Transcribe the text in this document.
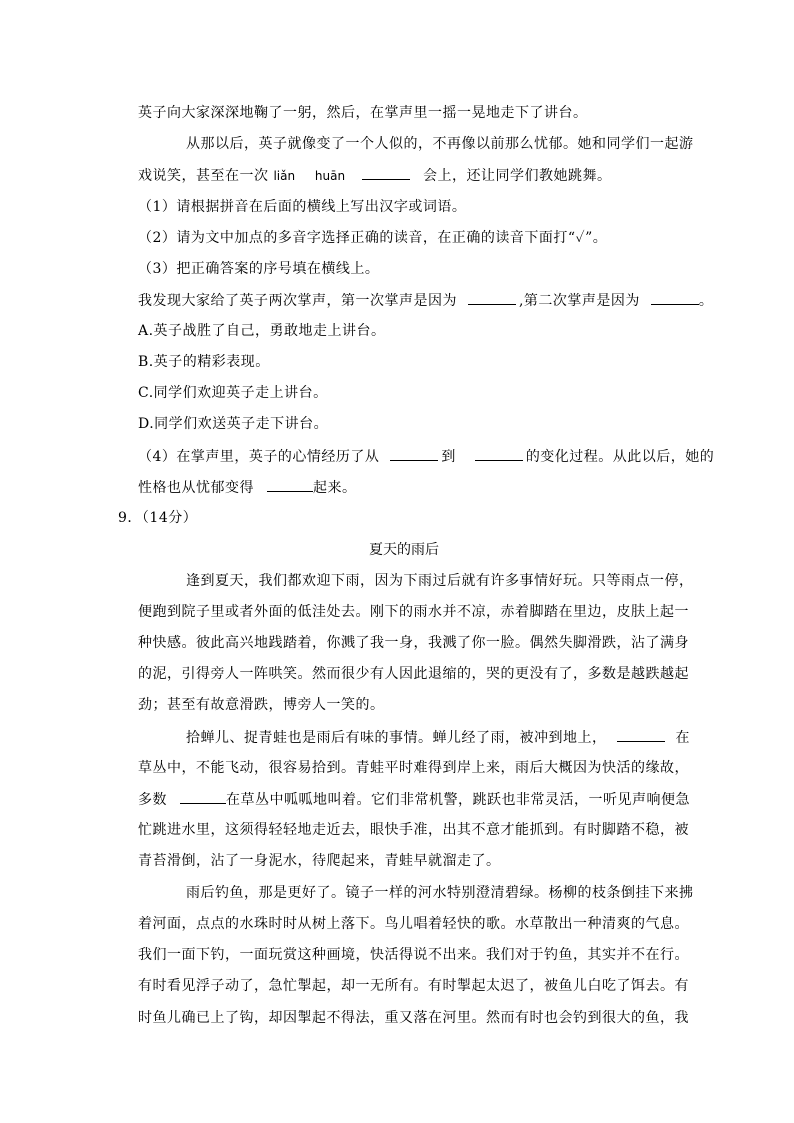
英子向大家深深地鞠了一躬，然后，在掌声里一摇一晃地走下了讲台。
从那以后，英子就像变了一个人似的，不再像以前那么忧郁。她和同学们一起游
戏说笑，甚至在一次 liǎn huān	会上，还让同学们教她跳舞。
（1）请根据拼音在后面的横线上写出汉字或词语。
（2）请为文中加点的多音字选择正确的读音，在正确的读音下面打“✓”。
（3）把正确答案的序号填在横线上。
我发现大家给了英子两次掌声，第一次掌声是因为	,第二次掌声是因为	。
A.英子战胜了自己，勇敢地走上讲台。
B.英子的精彩表现。
C.同学们欢迎英子走上讲台。
D.同学们欢送英子走下讲台。
（4）在掌声里，英子的心情经历了从	到	的变化过程。从此以后，她的
性格也从忧郁变得	起来。
9．（14分）
夏天的雨后
逢到夏天，我们都欢迎下雨，因为下雨过后就有许多事情好玩。只等雨点一停，
便跑到院子里或者外面的低洼处去。刚下的雨水并不凉，赤着脚踏在里边，皮肤上起一
种快感。彼此高兴地践踏着，你溅了我一身，我溅了你一脸。偶然失脚滑跌，沾了满身
的泥，引得旁人一阵哄笑。然而很少有人因此退缩的，哭的更没有了，多数是越跌越起
劲；甚至有故意滑跌，博旁人一笑的。
拾蝉儿、捉青蛙也是雨后有味的事情。蝉儿经了雨，被冲到地上，	在
草丛中，不能飞动，很容易拾到。青蛙平时难得到岸上来，雨后大概因为快活的缘故，
多数	在草丛中呱呱地叫着。它们非常机警，跳跃也非常灵活，一听见声响便急
忙跳进水里，这须得轻轻地走近去，眼快手准，出其不意才能抓到。有时脚踏不稳，被
青苔滑倒，沾了一身泥水，待爬起来，青蛙早就溜走了。
雨后钓鱼，那是更好了。镜子一样的河水特别澄清碧绿。杨柳的枝条倒挂下来拂
着河面，点点的水珠时时从树上落下。鸟儿唱着轻快的歌。水草散出一种清爽的气息。
我们一面下钓，一面玩赏这种画境，快活得说不出来。我们对于钓鱼，其实并不在行。
有时看见浮子动了，急忙掣起，却一无所有。有时掣起太迟了，被鱼儿白吃了饵去。有
时鱼儿确已上了钩，却因掣起不得法，重又落在河里。然而有时也会钓到很大的鱼，我
